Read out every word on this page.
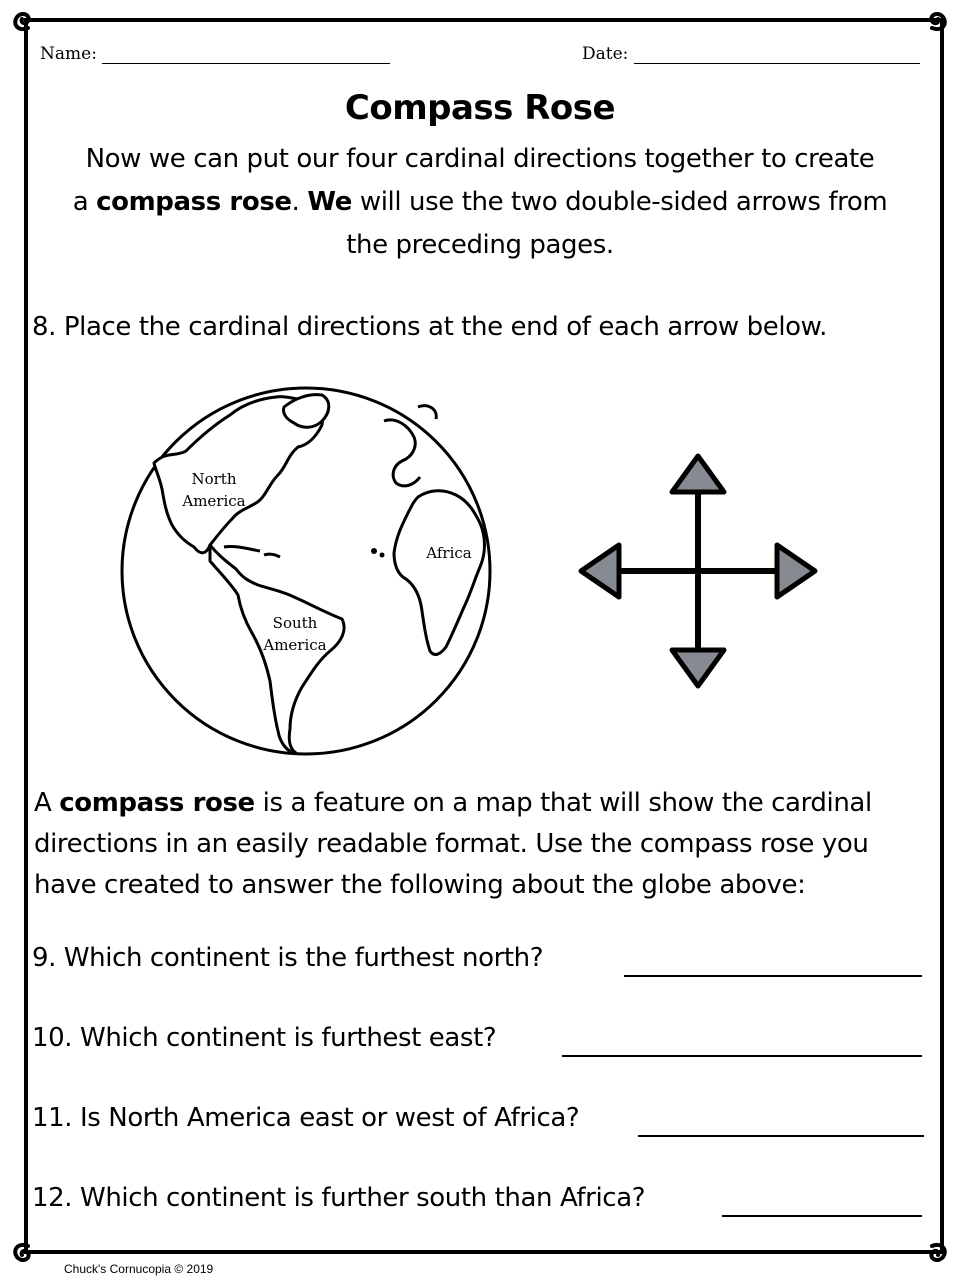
Name:	Date:
Compass Rose
Now we can put our four cardinal directions together to create
a compass rose. We will use the two double-sided arrows from
the preceding pages.
8. Place the cardinal directions at the end of each arrow below.
North
America
Africa
South
America
A compass rose is a feature on a map that will show the cardinal
directions in an easily readable format. Use the compass rose you
have created to answer the following about the globe above:
9. Which continent is the furthest north?
10. Which continent is furthest east?
11. Is North America east or west of Africa?
12. Which continent is further south than Africa?
Chuck's Cornucopia © 2019
